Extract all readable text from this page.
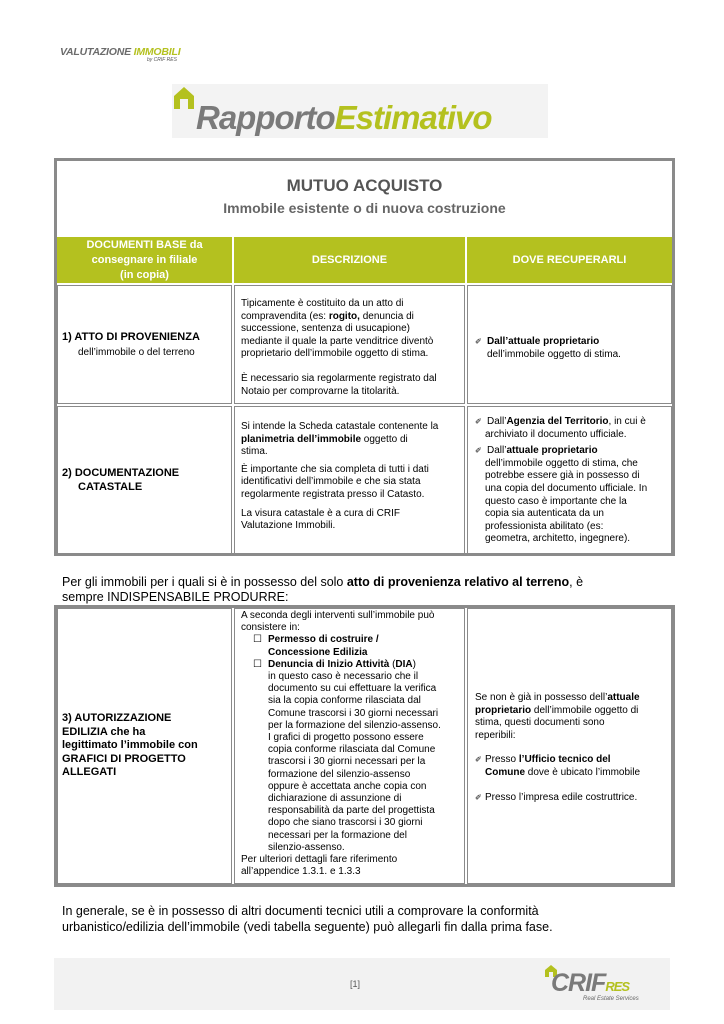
VALUTAZIONE IMMOBILI
by CRIF RES
RapportoEstimativo
MUTUO ACQUISTO
Immobile esistente o di nuova costruzione
DOCUMENTI BASE da
consegnare in filiale
(in copia)
DESCRIZIONE	DOVE RECUPERARLI
1) ATTO DI PROVENIENZA
dell’immobile o del terreno
Tipicamente è costituito da un atto di
compravendita (es: rogito, denuncia di
successione, sentenza di usucapione)
mediante il quale la parte venditrice diventò
proprietario dell’immobile oggetto di stima.
È necessario sia regolarmente registrato dal
Notaio per comprovarne la titolarità.
✐ Dall’attuale proprietario
dell’immobile oggetto di stima.
2) DOCUMENTAZIONE
CATASTALE
Si intende la Scheda catastale contenente la
planimetria dell’immobile oggetto di
stima.
È importante che sia completa di tutti i dati
identificativi dell’immobile e che sia stata
regolarmente registrata presso il Catasto.
La visura catastale è a cura di CRIF
Valutazione Immobili.
✐ Dall’Agenzia del Territorio, in cui è
archiviato il documento ufficiale.
✐ Dall’attuale proprietario
dell’immobile oggetto di stima, che
potrebbe essere già in possesso di
una copia del documento ufficiale. In
questo caso è importante che la
copia sia autenticata da un
professionista abilitato (es:
geometra, architetto, ingegnere).
Per gli immobili per i quali si è in possesso del solo atto di provenienza relativo al terreno, è
sempre INDISPENSABILE PRODURRE:
3) AUTORIZZAZIONE
EDILIZIA che ha
legittimato l’immobile con
GRAFICI DI PROGETTO
ALLEGATI
A seconda degli interventi sull’immobile può
consistere in:
☐ Permesso di costruire /
Concessione Edilizia
☐ Denuncia di Inizio Attività (DIA)
in questo caso è necessario che il
documento su cui effettuare la verifica
sia la copia conforme rilasciata dal
Comune trascorsi i 30 giorni necessari
per la formazione del silenzio-assenso.
I grafici di progetto possono essere
copia conforme rilasciata dal Comune
trascorsi i 30 giorni necessari per la
formazione del silenzio-assenso
oppure è accettata anche copia con
dichiarazione di assunzione di
responsabilità da parte del progettista
dopo che siano trascorsi i 30 giorni
necessari per la formazione del
silenzio-assenso.
Per ulteriori dettagli fare riferimento
all’appendice 1.3.1. e 1.3.3
Se non è già in possesso dell’attuale
proprietario dell’immobile oggetto di
stima, questi documenti sono
reperibili:
✐ Presso l’Ufficio tecnico del
Comune dove è ubicato l’immobile
✐ Presso l’impresa edile costruttrice.
In generale, se è in possesso di altri documenti tecnici utili a comprovare la conformità
urbanistico/edilizia dell’immobile (vedi tabella seguente) può allegarli fin dalla prima fase.
[1]	CRIFRES
Real Estate Services
